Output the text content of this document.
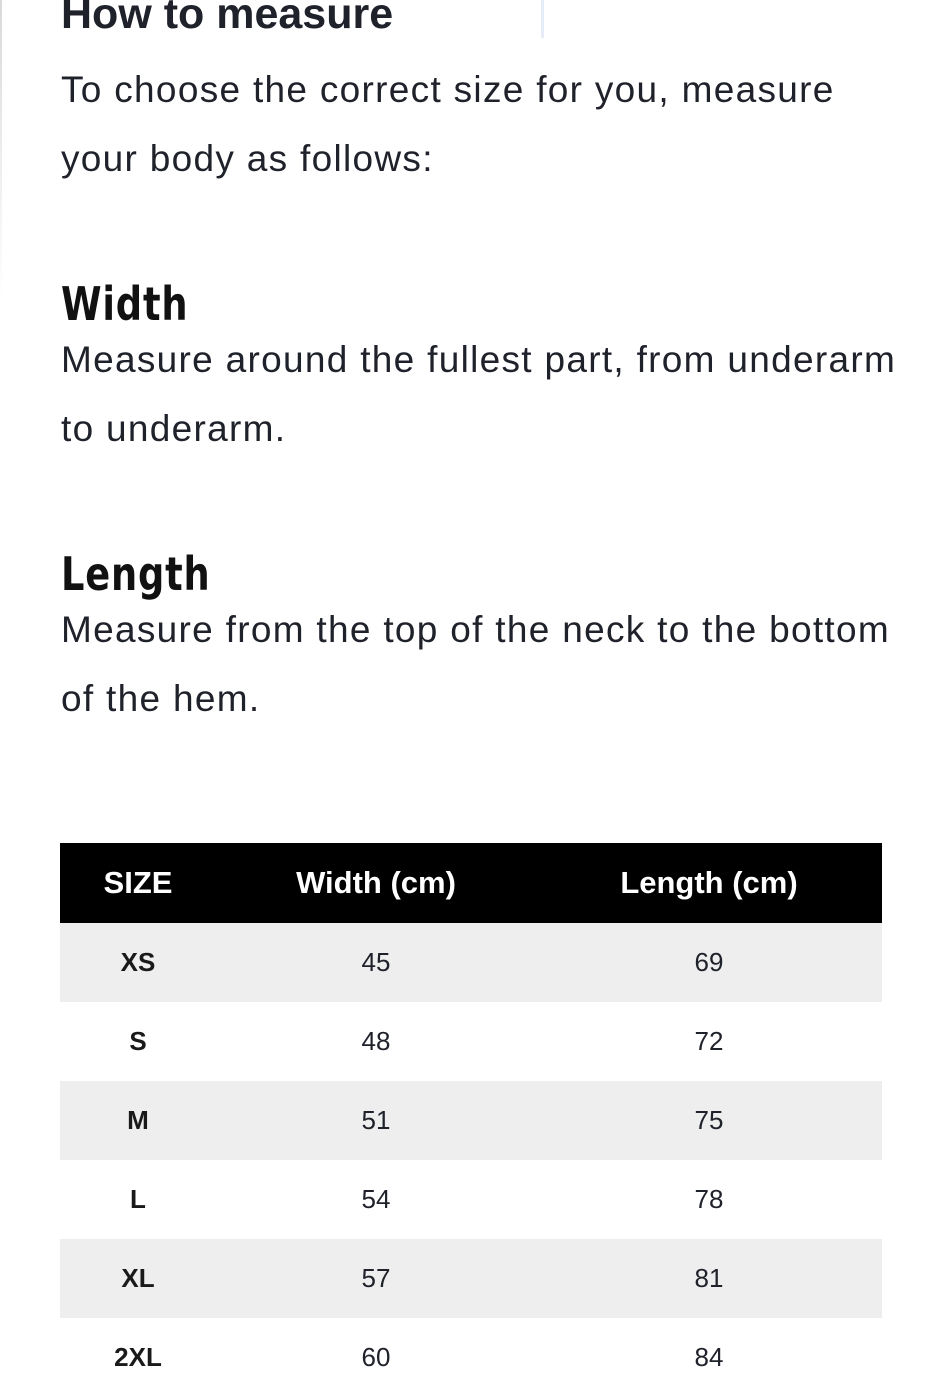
How to measure

To choose the correct size for you, measure your body as follows:

Width

Measure around the fullest part, from underarm to underarm.

Length

Measure from the top of the neck to the bottom of the hem.

SIZE	Width (cm)	Length (cm)
XS	45	69
S	48	72
M	51	75
L	54	78
XL	57	81
2XL	60	84
